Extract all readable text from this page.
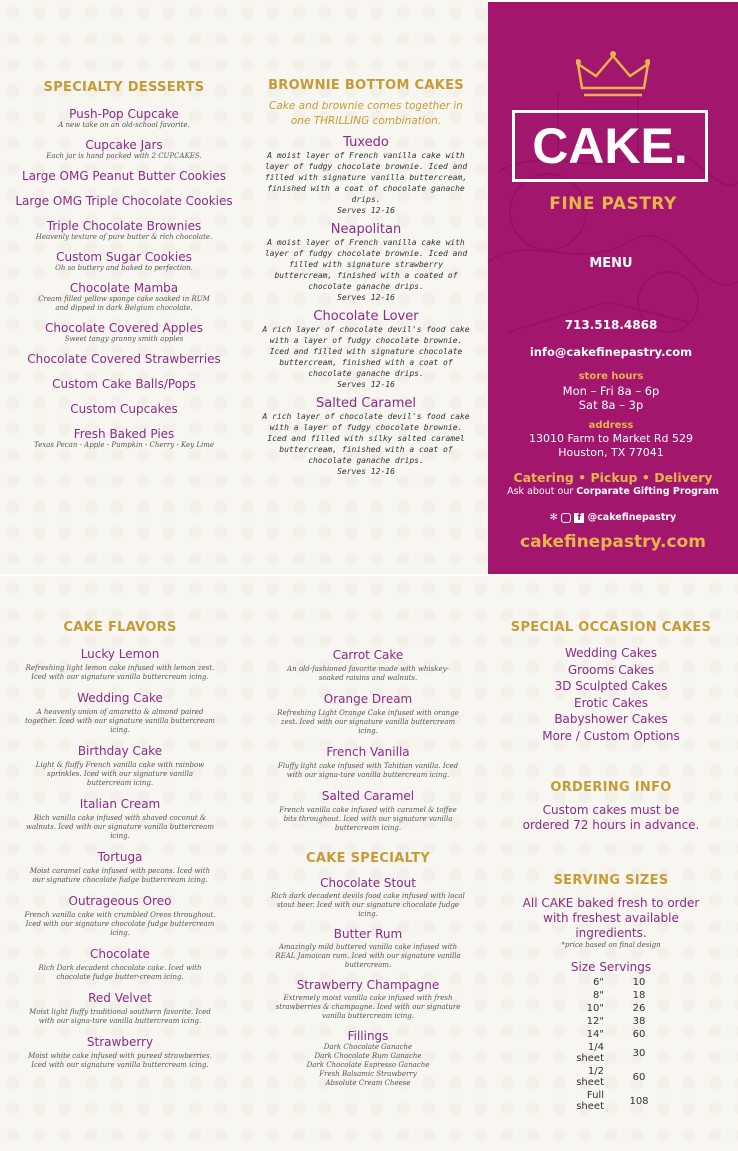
SPECIALTY DESSERTS
Push-Pop Cupcake
A new take on an old-school favorite.
Cupcake Jars
Each jar is hand packed with 2 CUPCAKES.
Large OMG Peanut Butter Cookies
Large OMG Triple Chocolate Cookies
Triple Chocolate Brownies
Heavenly texture of pure butter & rich chocolate.
Custom Sugar Cookies
Oh so buttery and baked to perfection.
Chocolate Mamba
Cream filled yellow sponge cake soaked in RUM and dipped in dark Belgium chocolate.
Chocolate Covered Apples
Sweet tangy granny smith apples
Chocolate Covered Strawberries
Custom Cake Balls/Pops
Custom Cupcakes
Fresh Baked Pies
Texas Pecan - Apple - Pumpkin - Cherry - Key Lime
BROWNIE BOTTOM CAKES
Cake and brownie comes together in one THRILLING combination.
Tuxedo
A moist layer of French vanilla cake with layer of fudgy chocolate brownie. Iced and filled with signature vanilla buttercream, finished with a coat of chocolate ganache drips.
Serves 12-16
Neapolitan
A moist layer of French vanilla cake with layer of fudgy chocolate brownie. Iced and filled with signature strawberry buttercream, finished with a coated of chocolate ganache drips.
Serves 12-16
Chocolate Lover
A rich layer of chocolate devil's food cake with a layer of fudgy chocolate brownie. Iced and filled with signature chocolate buttercream, finished with a coat of chocolate ganache drips.
Serves 12-16
Salted Caramel
A rich layer of chocolate devil's food cake with a layer of fudgy chocolate brownie. Iced and filled with silky salted caramel buttercream, finished with a coat of chocolate ganache drips.
Serves 12-16
CAKE.
FINE PASTRY
MENU
713.518.4868
info@cakefinepastry.com
store hours
Mon – Fri 8a – 6p
Sat 8a – 3p
address
13010 Farm to Market Rd 529
Houston, TX 77041
Catering • Pickup • Delivery
Ask about our Corparate Gifting Program
✻ f @cakefinepastry
cakefinepastry.com
CAKE FLAVORS
Lucky Lemon
Refreshing light lemon cake infused with lemon zest. Iced with our signature vanilla buttercream icing.
Wedding Cake
A heavenly union of amaretto & almond paired together. Iced with our signature vanilla buttercream icing.
Birthday Cake
Light & fluffy French vanilla cake with rainbow sprinkles. Iced with our signature vanilla buttercream icing.
Italian Cream
Rich vanilla cake infused with shaved coconut & walnuts. Iced with our signature vanilla buttercream icing.
Tortuga
Moist caramel cake infused with pecans. Iced with our signature chocolate fudge buttercream icing.
Outrageous Oreo
French vanilla cake with crumbled Oreos throughout. Iced with our signature chocolate fudge buttercream icing.
Chocolate
Rich Dark decadent chocolate cake. Iced with chocolate fudge butter-cream icing.
Red Velvet
Moist light fluffy traditional southern favorite. Iced with our signa-ture vanilla buttercream icing.
Strawberry
Moist white cake infused with pureed strawberries. Iced with our signature vanilla buttercream icing.
Carrot Cake
An old-fashioned favorite made with whiskey-soaked raisins and walnuts.
Orange Dream
Refreshing Light Orange Cake infused with orange zest. Iced with our signature vanilla buttercream icing.
French Vanilla
Fluffy light cake infused with Tahitian vanilla. Iced with our signa-ture vanilla buttercream icing.
Salted Caramel
French vanilla cake infused with caramel & toffee bits throughout. Iced with our signature vanilla buttercream icing.
CAKE SPECIALTY
Chocolate Stout
Rich dark decadent devils food cake infused with local stout beer. Iced with our signature chocolate fudge icing.
Butter Rum
Amazingly mild buttered vanilla cake infused with REAL Jamaican rum. Iced with our signature vanilla buttercream.
Strawberry Champagne
Extremely moist vanilla cake infused with fresh strawberries & champagne. Iced with our signature vanilla buttercream icing.
Fillings
Dark Chocolate Ganache
Dark Chocolate Rum Ganache
Dark Chocolate Espresso Ganache
Fresh Balsamic Strawberry
Absolute Cream Cheese
SPECIAL OCCASION CAKES
Wedding Cakes
Grooms Cakes
3D Sculpted Cakes
Erotic Cakes
Babyshower Cakes
More / Custom Options
ORDERING INFO
Custom cakes must be ordered 72 hours in advance.
SERVING SIZES
All CAKE baked fresh to order with freshest available ingredients.
*price based on final design
Size Servings
6"	10
8"	18
10"	26
12"	38
14"	60
1/4 sheet	30
1/2 sheet	60
Full sheet	108
